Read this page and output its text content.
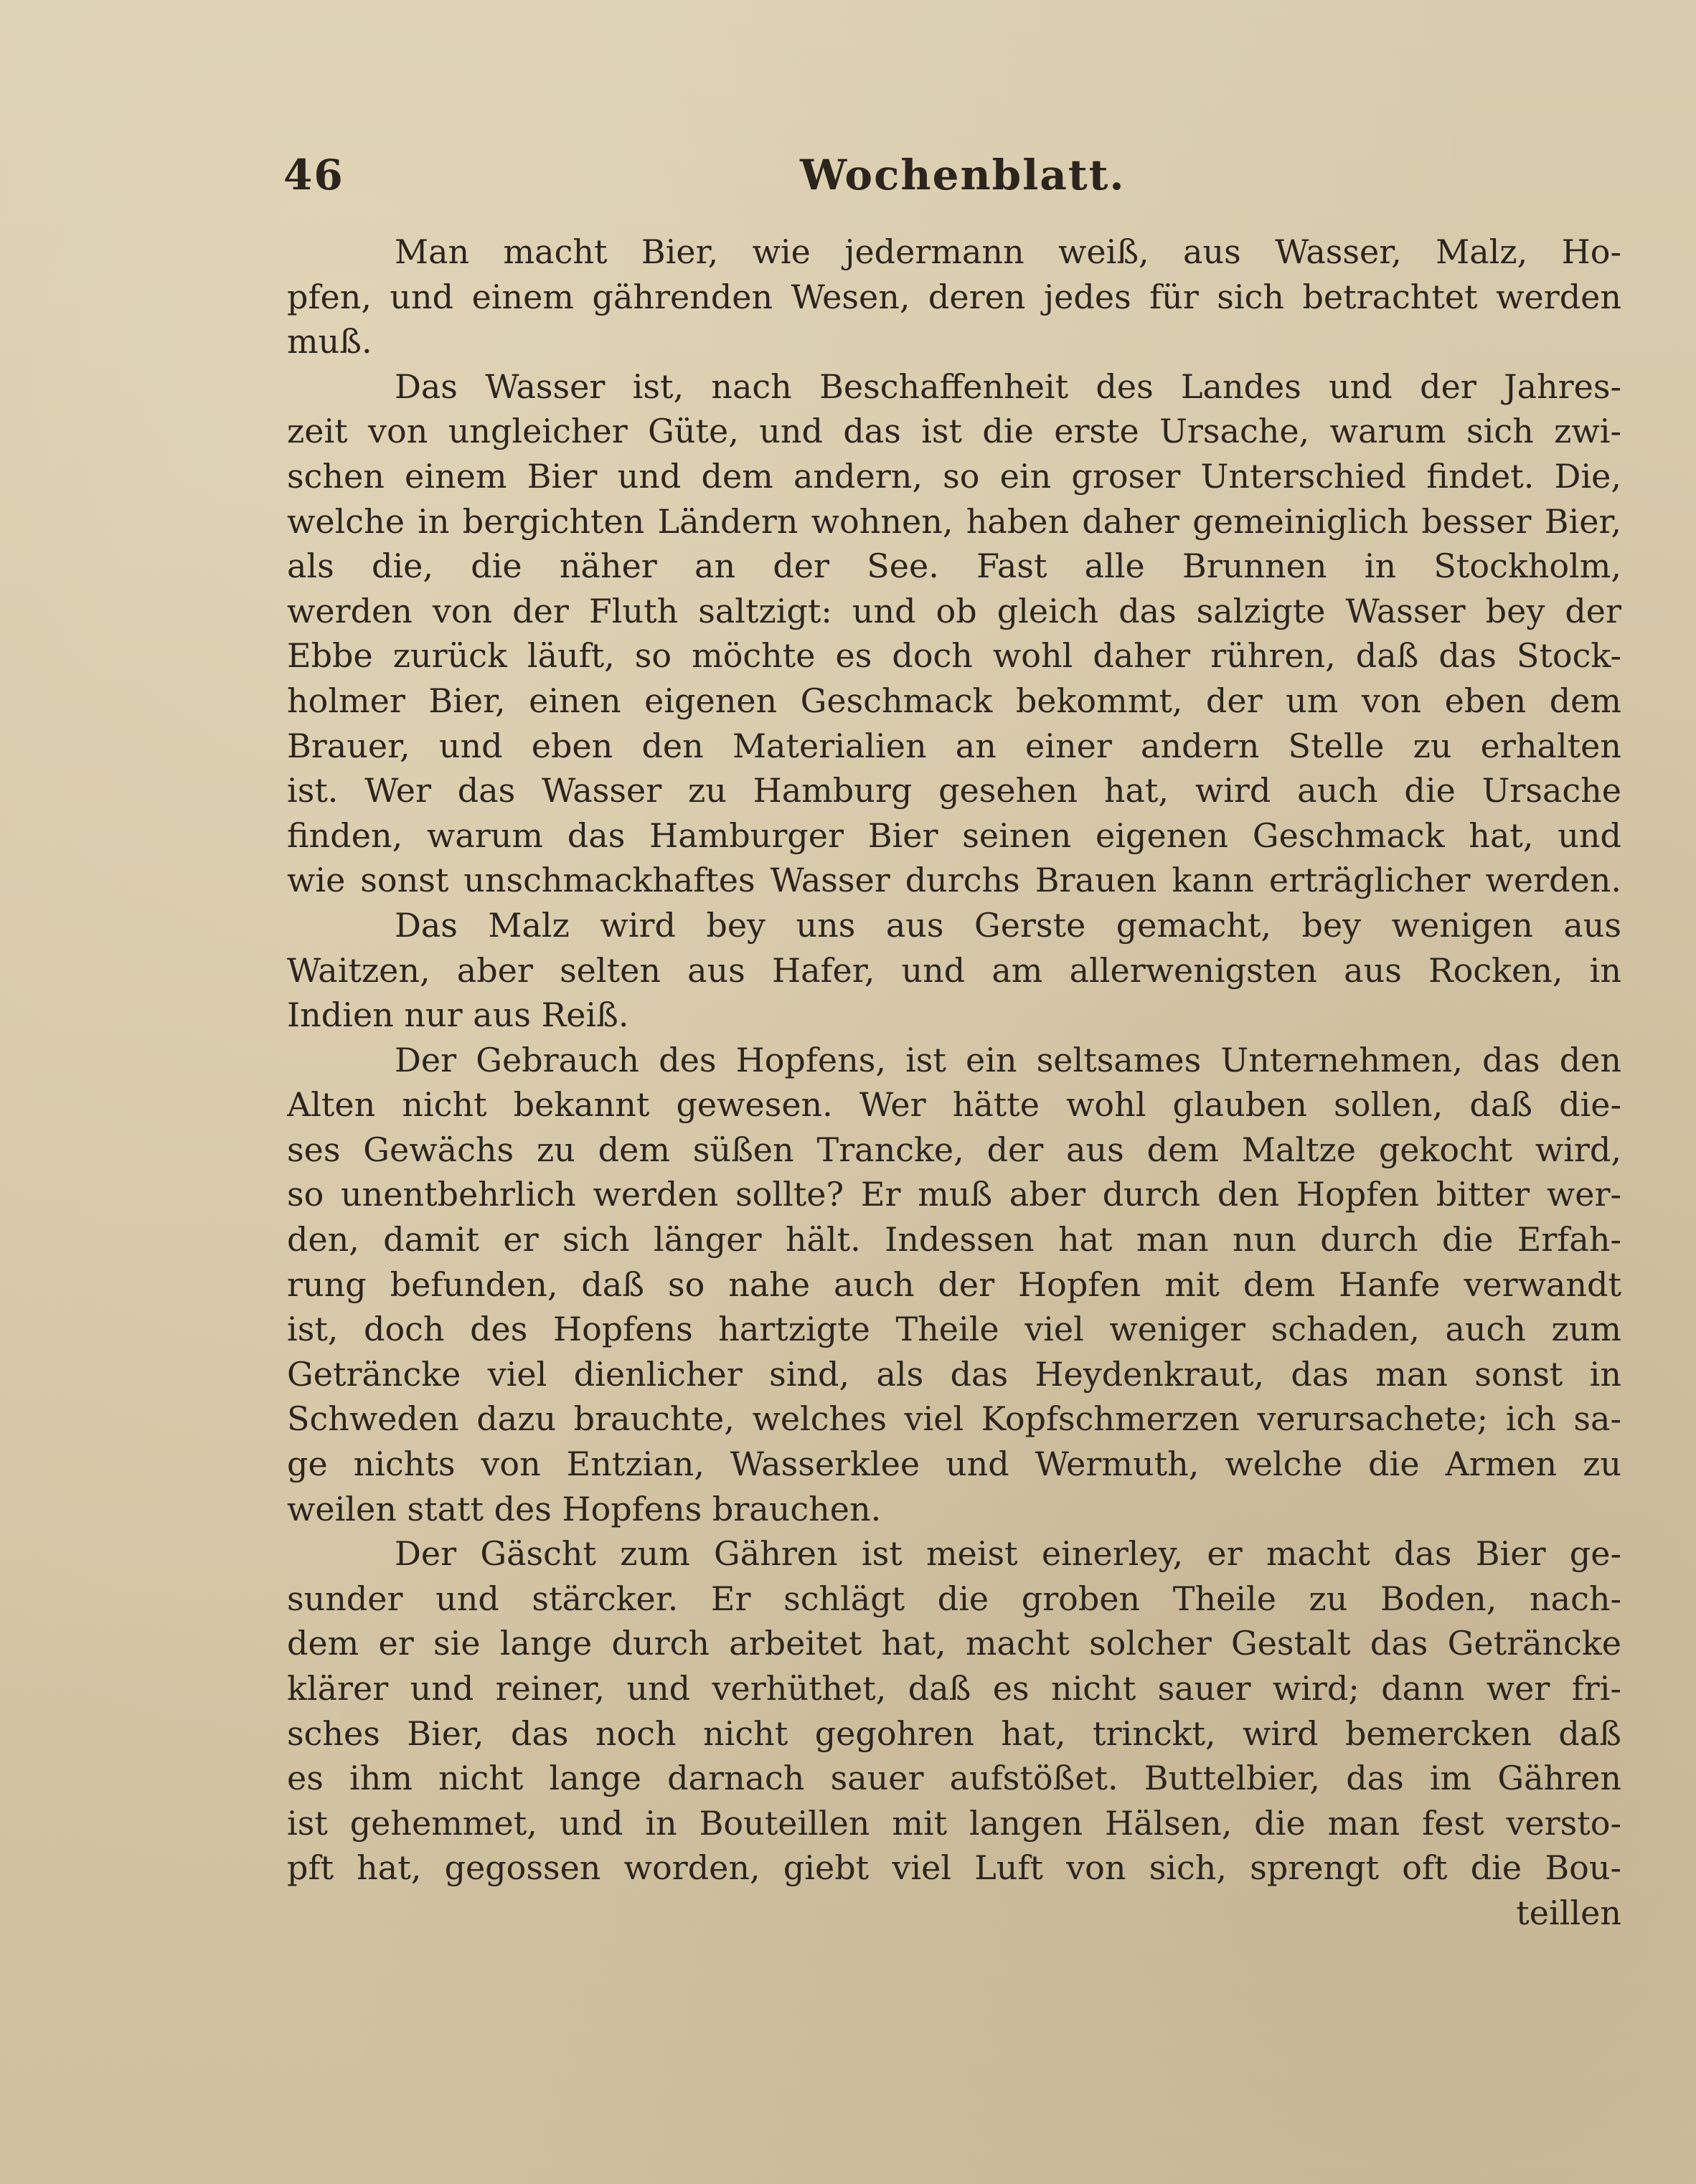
46	Wochenblatt.
Man macht Bier, wie jedermann weiß, aus Wasser, Malz, Ho-
pfen, und einem gährenden Wesen, deren jedes für sich betrachtet werden
muß.
Das Wasser ist, nach Beschaffenheit des Landes und der Jahres-
zeit von ungleicher Güte, und das ist die erste Ursache, warum sich zwi-
schen einem Bier und dem andern, so ein groser Unterschied findet. Die,
welche in bergichten Ländern wohnen, haben daher gemeiniglich besser Bier,
als die, die näher an der See. Fast alle Brunnen in Stockholm,
werden von der Fluth saltzigt: und ob gleich das salzigte Wasser bey der
Ebbe zurück läuft, so möchte es doch wohl daher rühren, daß das Stock-
holmer Bier, einen eigenen Geschmack bekommt, der um von eben dem
Brauer, und eben den Materialien an einer andern Stelle zu erhalten
ist. Wer das Wasser zu Hamburg gesehen hat, wird auch die Ursache
finden, warum das Hamburger Bier seinen eigenen Geschmack hat, und
wie sonst unschmackhaftes Wasser durchs Brauen kann erträglicher werden.
Das Malz wird bey uns aus Gerste gemacht, bey wenigen aus
Waitzen, aber selten aus Hafer, und am allerwenigsten aus Rocken, in
Indien nur aus Reiß.
Der Gebrauch des Hopfens, ist ein seltsames Unternehmen, das den
Alten nicht bekannt gewesen. Wer hätte wohl glauben sollen, daß die-
ses Gewächs zu dem süßen Trancke, der aus dem Maltze gekocht wird,
so unentbehrlich werden sollte? Er muß aber durch den Hopfen bitter wer-
den, damit er sich länger hält. Indessen hat man nun durch die Erfah-
rung befunden, daß so nahe auch der Hopfen mit dem Hanfe verwandt
ist, doch des Hopfens hartzigte Theile viel weniger schaden, auch zum
Geträncke viel dienlicher sind, als das Heydenkraut, das man sonst in
Schweden dazu brauchte, welches viel Kopfschmerzen verursachete; ich sa-
ge nichts von Entzian, Wasserklee und Wermuth, welche die Armen zu
weilen statt des Hopfens brauchen.
Der Gäscht zum Gähren ist meist einerley, er macht das Bier ge-
sunder und stärcker. Er schlägt die groben Theile zu Boden, nach-
dem er sie lange durch arbeitet hat, macht solcher Gestalt das Geträncke
klärer und reiner, und verhüthet, daß es nicht sauer wird; dann wer fri-
sches Bier, das noch nicht gegohren hat, trinckt, wird bemercken daß
es ihm nicht lange darnach sauer aufstößet. Buttelbier, das im Gähren
ist gehemmet, und in Bouteillen mit langen Hälsen, die man fest versto-
pft hat, gegossen worden, giebt viel Luft von sich, sprengt oft die Bou-
teillen
